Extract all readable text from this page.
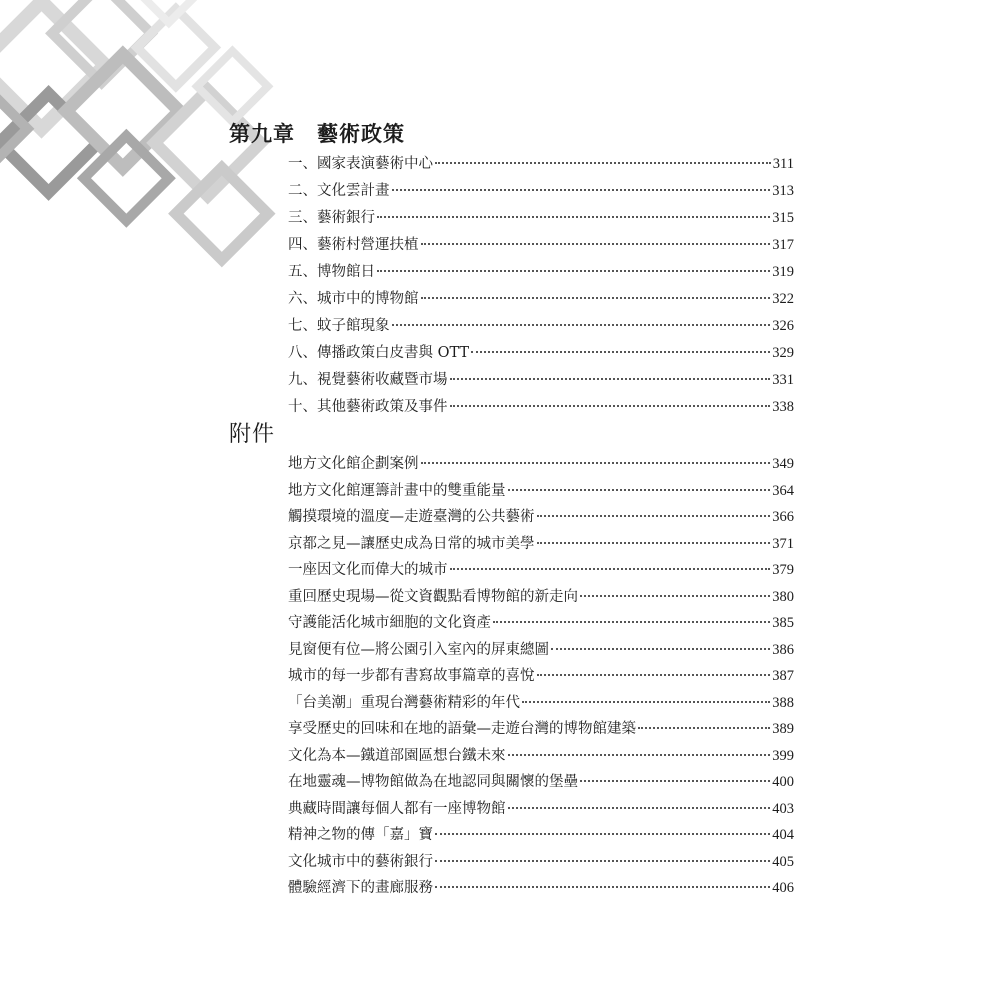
第九章　藝術政策
一、國家表演藝術中心	311
二、文化雲計畫	313
三、藝術銀行	315
四、藝術村營運扶植	317
五、博物館日	319
六、城市中的博物館	322
七、蚊子館現象	326
八、傳播政策白皮書與 OTT	329
九、視覺藝術收藏暨市場	331
十、其他藝術政策及事件	338
附件
地方文化館企劃案例	349
地方文化館運籌計畫中的雙重能量	364
觸摸環境的溫度—走遊臺灣的公共藝術	366
京都之見—讓歷史成為日常的城市美學	371
一座因文化而偉大的城市	379
重回歷史現場—從文資觀點看博物館的新走向	380
守護能活化城市細胞的文化資產	385
見窗便有位—將公園引入室內的屏東總圖	386
城市的每一步都有書寫故事篇章的喜悅	387
「台美潮」重現台灣藝術精彩的年代	388
享受歷史的回味和在地的語彙—走遊台灣的博物館建築	389
文化為本—鐵道部園區想台鐵未來	399
在地靈魂—博物館做為在地認同與關懷的堡壘	400
典藏時間讓每個人都有一座博物館	403
精神之物的傳「嘉」寶	404
文化城市中的藝術銀行	405
體驗經濟下的畫廊服務	406
